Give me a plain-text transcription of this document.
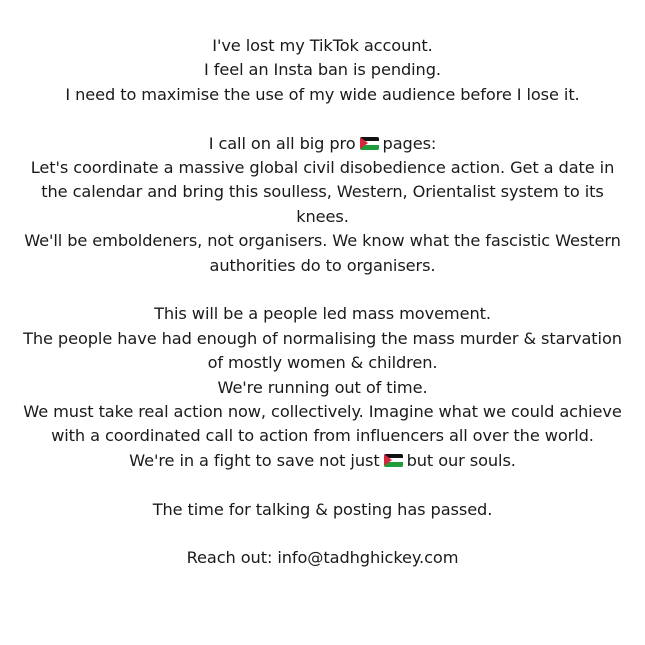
I've lost my TikTok account.
I feel an Insta ban is pending.
I need to maximise the use of my wide audience before I lose it.
I call on all big pro pages:
Let's coordinate a massive global civil disobedience action. Get a date in
the calendar and bring this soulless, Western, Orientalist system to its
knees.
We'll be emboldeners, not organisers. We know what the fascistic Western
authorities do to organisers.
This will be a people led mass movement.
The people have had enough of normalising the mass murder & starvation
of mostly women & children.
We're running out of time.
We must take real action now, collectively. Imagine what we could achieve
with a coordinated call to action from influencers all over the world.
We're in a fight to save not just but our souls.
The time for talking & posting has passed.
Reach out: info@tadhghickey.com
